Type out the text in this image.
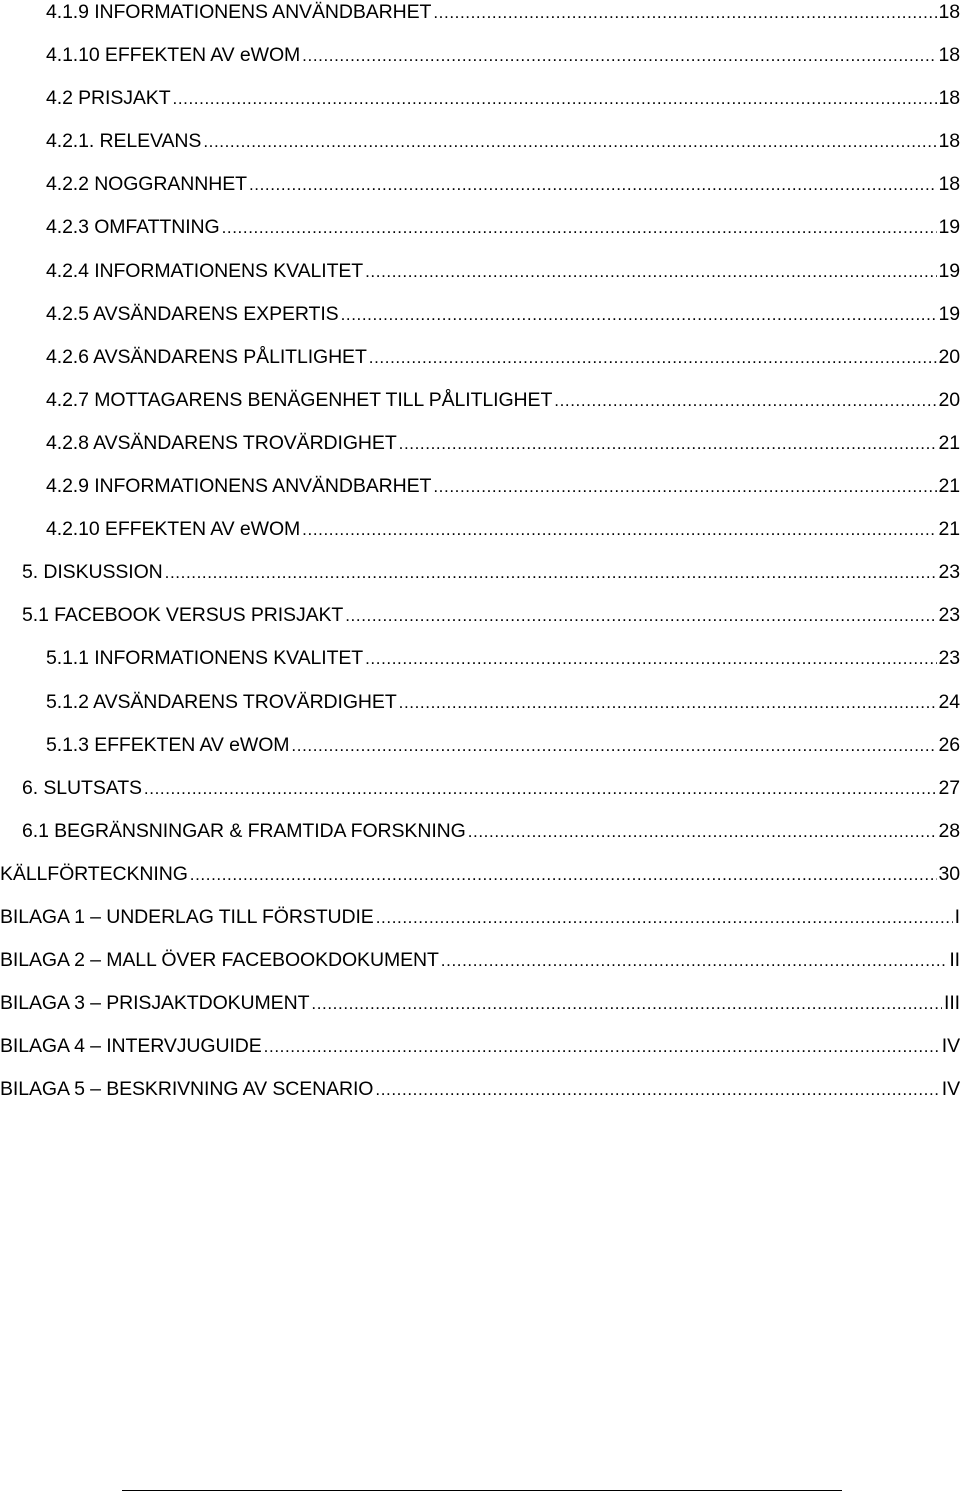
4.1.9 INFORMATIONENS ANVÄNDBARHET .....	18
4.1.10 EFFEKTEN AV eWOM .....	18
4.2 PRISJAKT .....	18
4.2.1. RELEVANS .....	18
4.2.2 NOGGRANNHET .....	18
4.2.3 OMFATTNING .....	19
4.2.4 INFORMATIONENS KVALITET .....	19
4.2.5 AVSÄNDARENS EXPERTIS .....	19
4.2.6 AVSÄNDARENS PÅLITLIGHET .....	20
4.2.7 MOTTAGARENS BENÄGENHET TILL PÅLITLIGHET .....	20
4.2.8 AVSÄNDARENS TROVÄRDIGHET .....	21
4.2.9 INFORMATIONENS ANVÄNDBARHET .....	21
4.2.10 EFFEKTEN AV eWOM .....	21
5. DISKUSSION .....	23
5.1 FACEBOOK VERSUS PRISJAKT .....	23
5.1.1 INFORMATIONENS KVALITET .....	23
5.1.2 AVSÄNDARENS TROVÄRDIGHET .....	24
5.1.3 EFFEKTEN AV eWOM .....	26
6. SLUTSATS .....	27
6.1 BEGRÄNSNINGAR & FRAMTIDA FORSKNING .....	28
KÄLLFÖRTECKNING .....	30
BILAGA 1 – UNDERLAG TILL FÖRSTUDIE .....	I
BILAGA 2 – MALL ÖVER FACEBOOKDOKUMENT .....	II
BILAGA 3 – PRISJAKTDOKUMENT .....	III
BILAGA 4 – INTERVJUGUIDE .....	IV
BILAGA 5 – BESKRIVNING AV SCENARIO .....	IV
